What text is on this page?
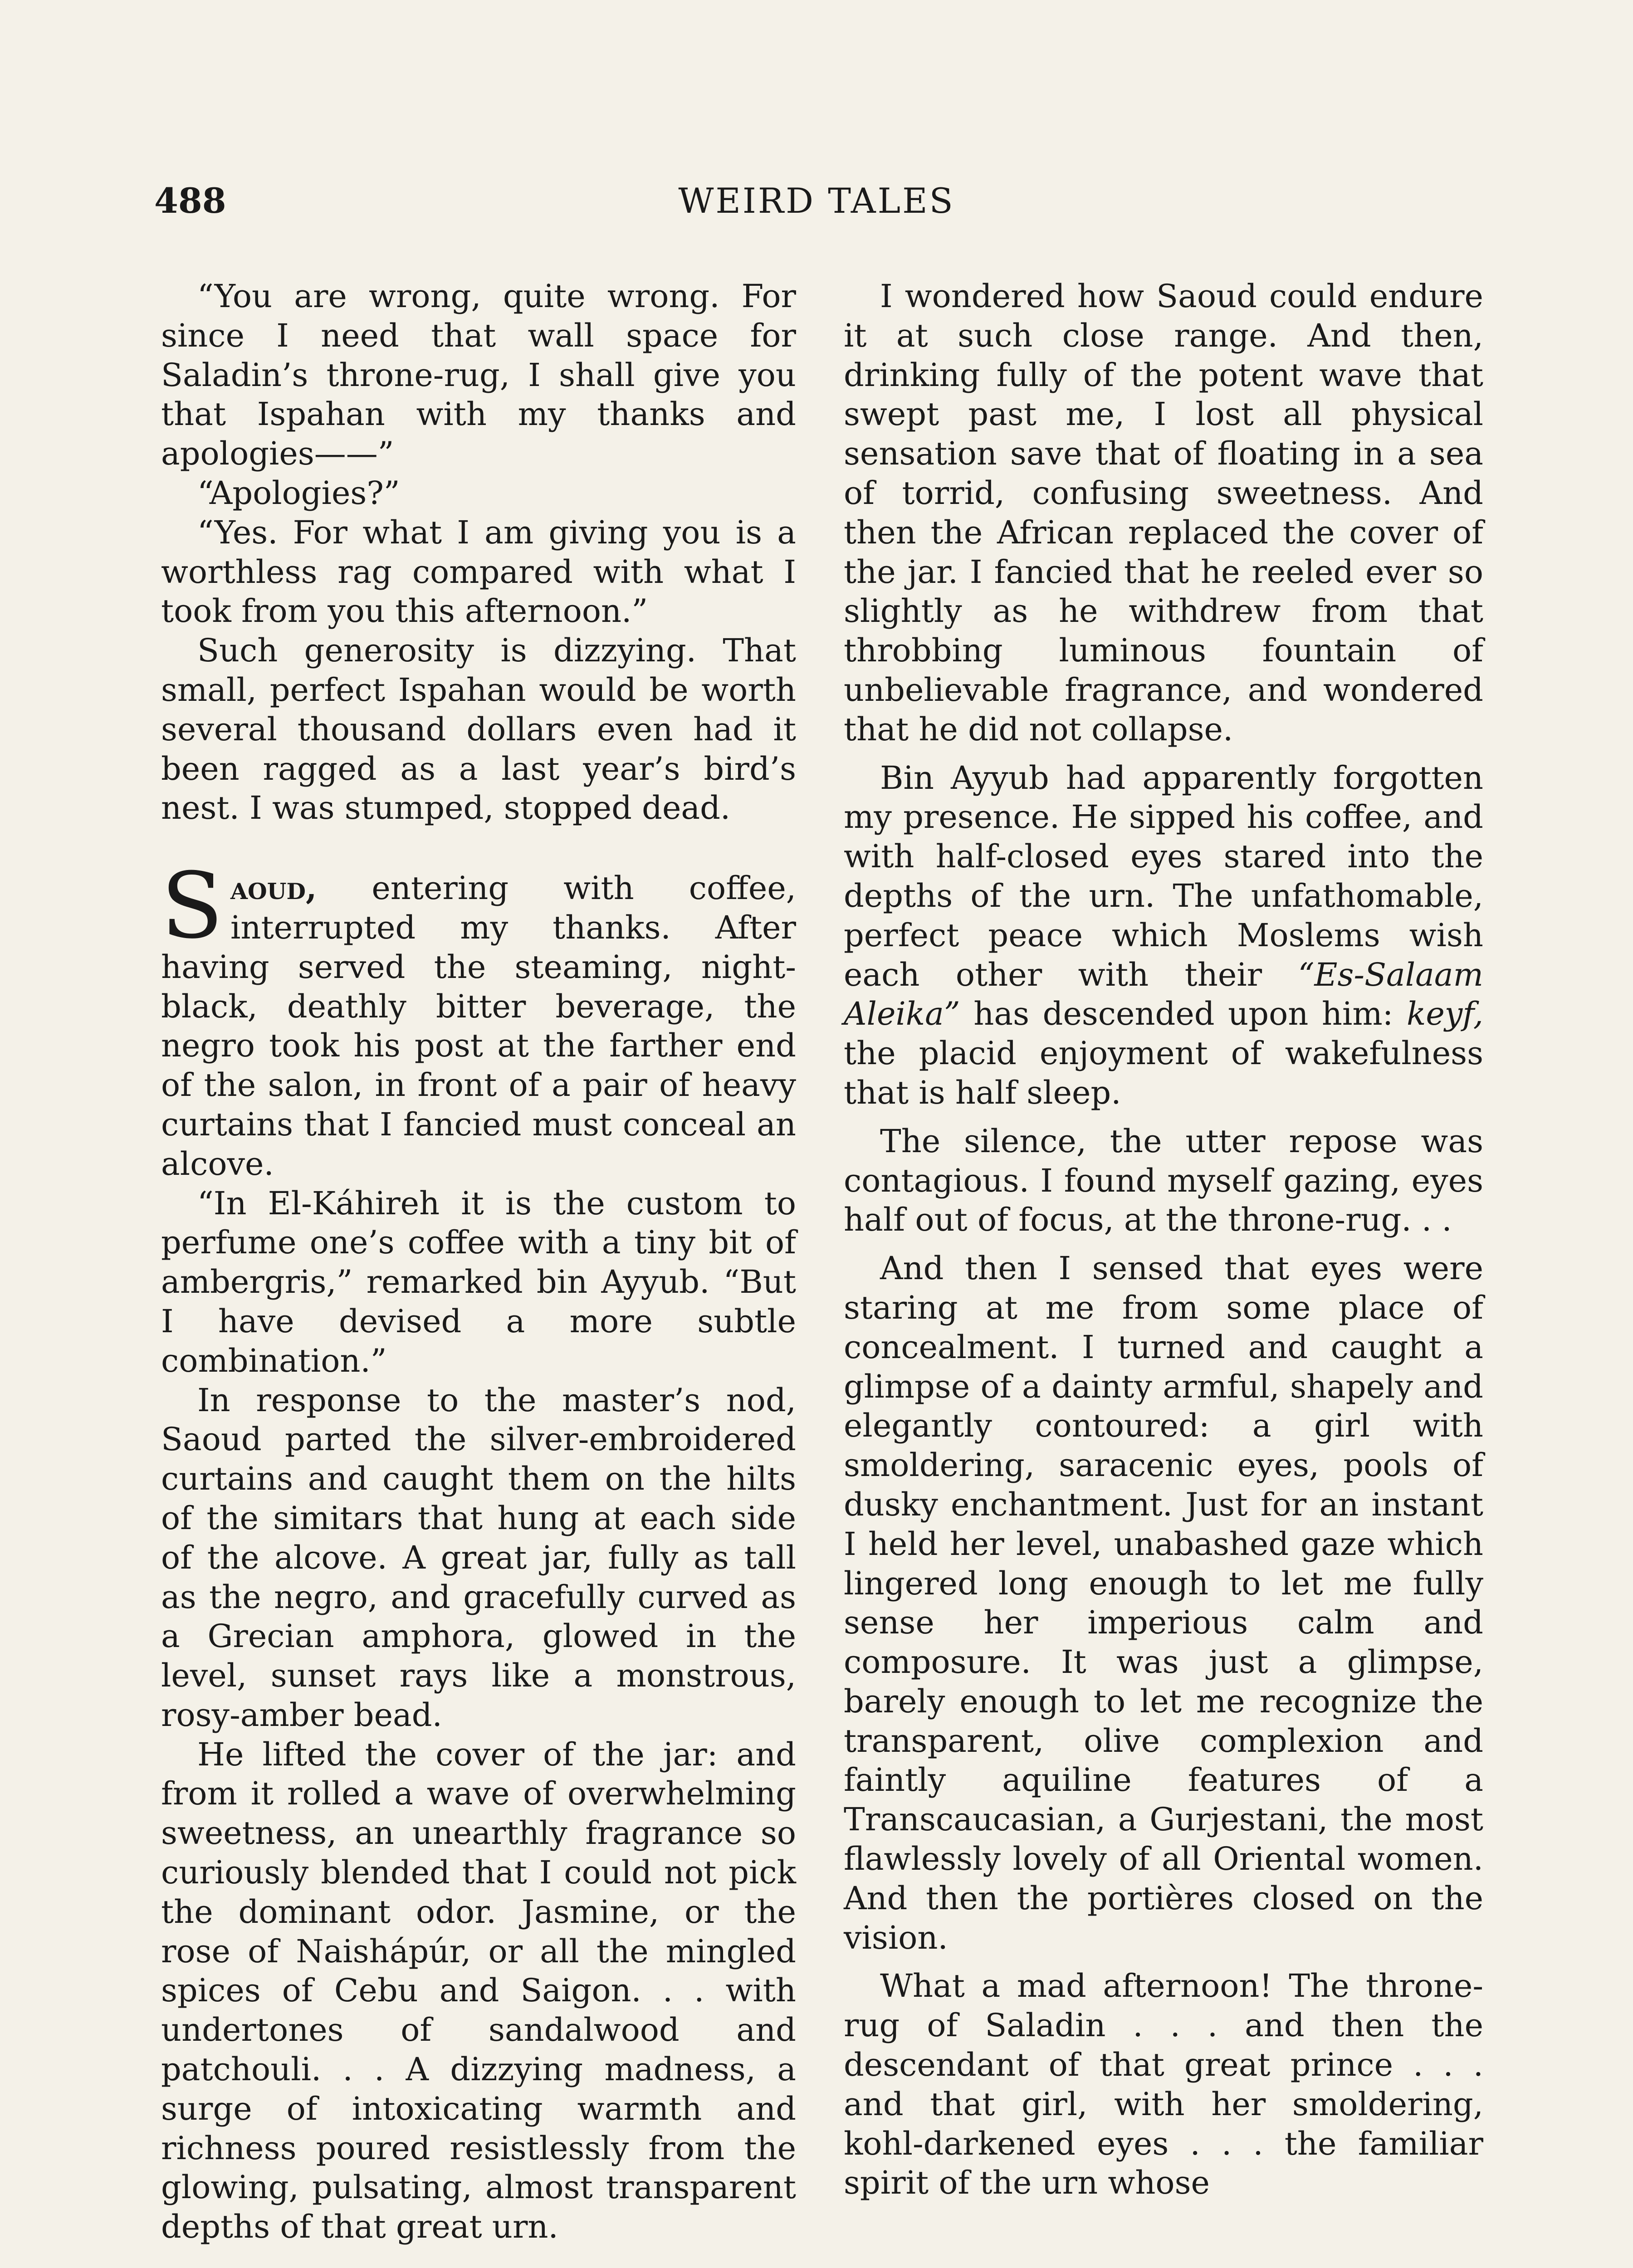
488	WEIRD TALES

“You are wrong, quite wrong. For since I need that wall space for Saladin’s throne-rug, I shall give you that Ispahan with my thanks and apologies——”

“Apologies?”

“Yes. For what I am giving you is a worthless rag compared with what I took from you this afternoon.”

Such generosity is dizzying. That small, perfect Ispahan would be worth several thousand dollars even had it been ragged as a last year’s bird’s nest. I was stumped, stopped dead.

Saoud, entering with coffee, interrupted my thanks. After having served the steaming, night-black, deathly bitter beverage, the negro took his post at the farther end of the salon, in front of a pair of heavy curtains that I fancied must conceal an alcove.

“In El-Káhireh it is the custom to perfume one’s coffee with a tiny bit of ambergris,” remarked bin Ayyub. “But I have devised a more subtle combination.”

In response to the master’s nod, Saoud parted the silver-embroidered curtains and caught them on the hilts of the simitars that hung at each side of the alcove. A great jar, fully as tall as the negro, and gracefully curved as a Grecian amphora, glowed in the level, sunset rays like a monstrous, rosy-amber bead.

He lifted the cover of the jar: and from it rolled a wave of overwhelming sweetness, an unearthly fragrance so curiously blended that I could not pick the dominant odor. Jasmine, or the rose of Naishápúr, or all the mingled spices of Cebu and Saigon. . . with undertones of sandalwood and patchouli. . . A dizzying madness, a surge of intoxicating warmth and richness poured resistlessly from the glowing, pulsating, almost transparent depths of that great urn.

I wondered how Saoud could endure it at such close range. And then, drinking fully of the potent wave that swept past me, I lost all physical sensation save that of floating in a sea of torrid, confusing sweetness. And then the African replaced the cover of the jar. I fancied that he reeled ever so slightly as he withdrew from that throbbing luminous fountain of unbelievable fragrance, and wondered that he did not collapse.

Bin Ayyub had apparently forgotten my presence. He sipped his coffee, and with half-closed eyes stared into the depths of the urn. The unfathomable, perfect peace which Moslems wish each other with their “Es-Salaam Aleika” has descended upon him: keyf, the placid enjoyment of wakefulness that is half sleep.

The silence, the utter repose was contagious. I found myself gazing, eyes half out of focus, at the throne-rug. . .

And then I sensed that eyes were staring at me from some place of concealment. I turned and caught a glimpse of a dainty armful, shapely and elegantly contoured: a girl with smoldering, saracenic eyes, pools of dusky enchantment. Just for an instant I held her level, unabashed gaze which lingered long enough to let me fully sense her imperious calm and composure. It was just a glimpse, barely enough to let me recognize the transparent, olive complexion and faintly aquiline features of a Transcaucasian, a Gurjestani, the most flawlessly lovely of all Oriental women. And then the portières closed on the vision.

What a mad afternoon! The throne-rug of Saladin . . . and then the descendant of that great prince . . . and that girl, with her smoldering, kohl-darkened eyes . . . the familiar spirit of the urn whose
